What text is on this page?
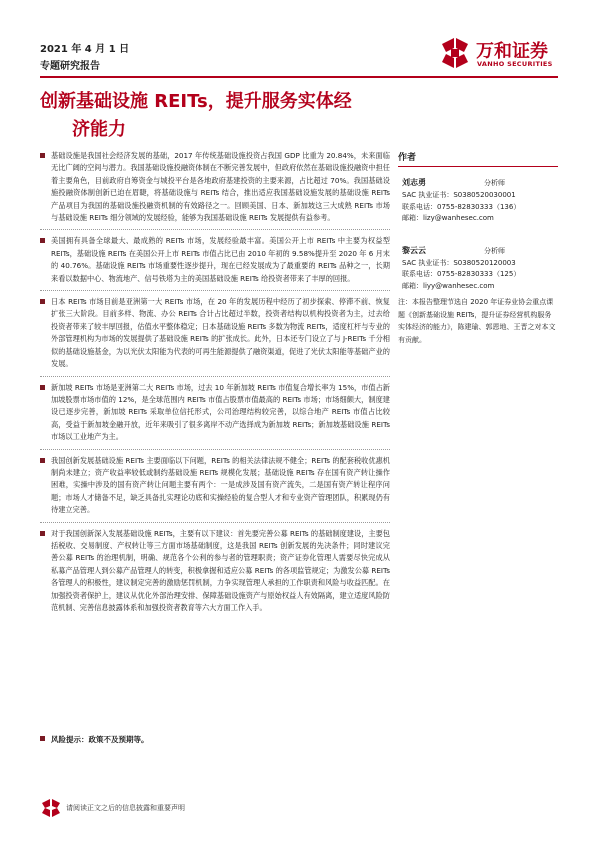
2021 年 4 月 1 日
专题研究报告
万和证券
VANHO SECURITIES
创新基础设施 REITs，提升服务实体经
济能力
基础设施是我国社会经济发展的基础，2017 年传统基础设施投资占我国 GDP 比重为 20.84%，未来面临无比广阔的空间与潜力。我国基础设施投融资体制在不断完善发展中，但政府依然在基础设施投融资中担任着主要角色，目前政府自筹资金与城投平台是各地政府基建投资的主要来源，占比超过 70%。我国基础设施投融资体制创新已迫在眉睫，将基础设施与 REITs 结合，推出适应我国基础设施发展的基础设施 REITs 产品项目为我国的基础设施投融资机制的有效路径之一。回顾美国、日本、新加坡这三大成熟 REITs 市场与基础设施 REITs 细分领域的发展经验，能够为我国基础设施 REITs 发展提供有益参考。
美国拥有具备全球最大、最成熟的 REITs 市场，发展经验最丰富。美国公开上市 REITs 中主要为权益型 REITs，基础设施 REITs 在美国公开上市 REITs 市值占比已由 2010 年初的 9.58%提升至 2020 年 6 月末的 40.76%。基础设施 REITs 市场重要性逐步提升，现在已经发展成为了最重要的 REITs 品种之一，长期来看以数据中心、物流地产、信号铁塔为主的美国基础设施 REITs 给投资者带来了丰厚的回报。
日本 REITs 市场目前是亚洲第一大 REITs 市场，在 20 年的发展历程中经历了初步探索、停滞不前、恢复扩张三大阶段。目前多样、物流、办公 REITs 合计占比超过半数，投资者结构以机构投资者为主，过去给投资者带来了较丰厚回报，估值水平整体稳定；日本基础设施 REITs 多数为物流 REITs，适度杠杆与专业的外部管理机构为市场的发展提供了基础设施 REITs 的扩张成长。此外，日本还专门设立了与 J-REITs 千分相似的基础设施基金，为以光伏太阳能为代表的可再生能源提供了融资渠道，促进了光伏太阳能等基础产业的发展。
新加坡 REITs 市场是亚洲第二大 REITs 市场，过去 10 年新加坡 REITs 市值复合增长率为 15%，市值占新加坡股票市场市值的 12%，是全球范围内 REITs 市值占股票市值最高的 REITs 市场；市场细颇大，制度建设已逐步完善，新加坡 REITs 采取单位信托形式，公司治理结构较完善，以综合地产 REITs 市值占比较高，受益于新加坡金融开放，近年来吸引了很多离岸不动产选择成为新加坡 REITs；新加坡基础设施 REITs 市场以工业地产为主。
我国创新发展基础设施 REITs 主要面临以下问题，REITs 的相关法律法规不健全；REITs 的配套税收优惠机制尚未建立；资产收益率较低或制约基础设施 REITs 规模化发展；基础设施 REITs 存在国有资产转让操作困难，实操中涉及的国有资产转让问题主要有两个：一是成涉及国有资产流失，二是国有资产转让程序问题；市场人才储备不足，缺乏具备扎实理论功底和实操经验的复合型人才和专业资产管理团队，积累现仍有待建立完善。
对于我国创新深入发展基础设施 REITs，主要有以下建议：首先要完善公募 REITs 的基础制度建设，主要包括税收、交易制度、产权转让等三方面市场基础制度，这是我国 REITs 创新发展的先决条件；同时建议完善公募 REITs 的治理机制，明确、规范各个公利的参与者的管理职责；资产证券化管理人需要尽快完成从私募产品管理人到公募产品管理人的转变，积极拿握和适应公募 REITs 的各项监管规定；为激发公募 REITs 各管理人的积极性，建议制定完善的激励惩罚机制，力争实现管理人承担的工作职责和风险与收益匹配。在加强投资者保护上，建议从优化外部治理安排、保障基础设施资产与原始权益人有效隔离，建立适度风险防范机制、完善信息披露体系和加强投资者教育等六大方面工作入手。
风险提示：政策不及预期等。
作者
刘志勇	分析师
SAC 执业证书：S0380520030001
联系电话：0755-82830333（136）
邮箱：lizy@wanhesec.com
黎云云	分析师
SAC 执业证书：S0380520120003
联系电话：0755-82830333（125）
邮箱：liyy@wanhesec.com
注：本报告整理节选自 2020 年证券业协会重点课题《创新基础设施 REITs，提升证券经营机构服务实体经济的能力》，陈建瑜、郭恩地、王晋之对本文有贡献。
请阅读正文之后的信息披露和重要声明
